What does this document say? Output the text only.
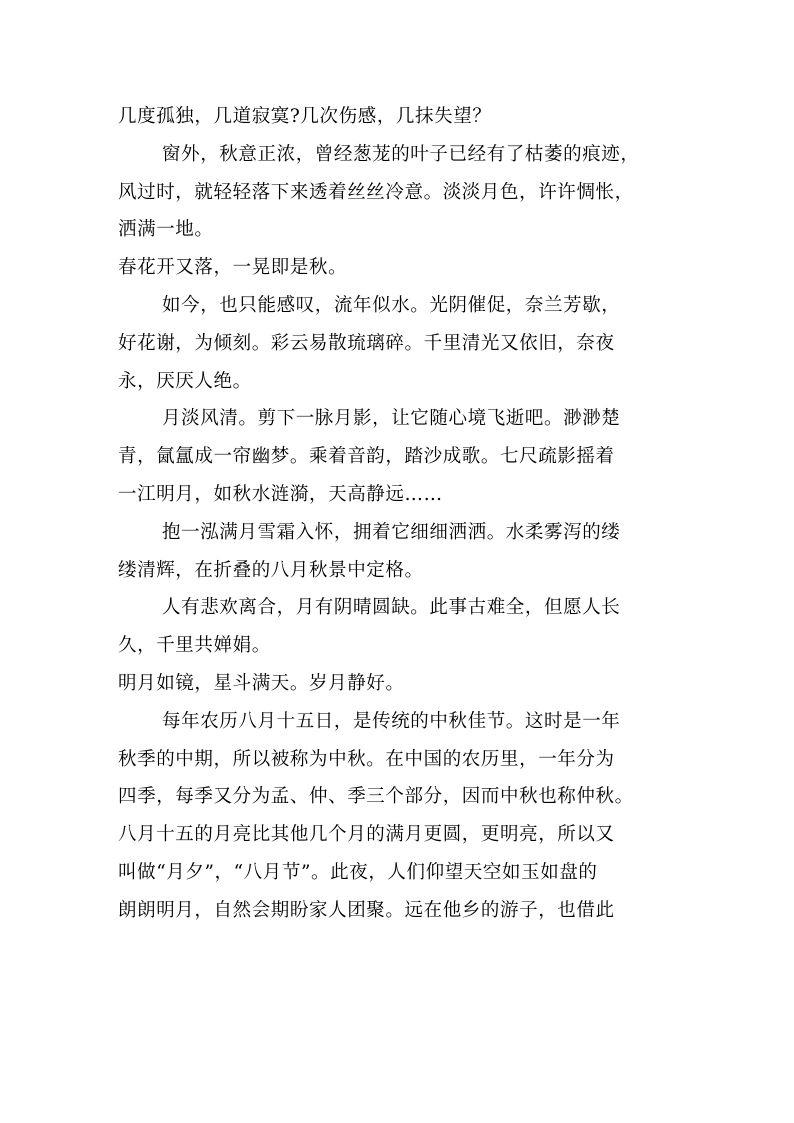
几度孤独，几道寂寞?几次伤感，几抹失望？
窗外，秋意正浓，曾经葱茏的叶子已经有了枯萎的痕迹，
风过时，就轻轻落下来透着丝丝冷意。淡淡月色，许许惆怅，
洒满一地。
春花开又落，一晃即是秋。
如今，也只能感叹，流年似水。光阴催促，奈兰芳歇，
好花谢，为倾刻。彩云易散琉璃碎。千里清光又依旧，奈夜
永，厌厌人绝。
月淡风清。剪下一脉月影，让它随心境飞逝吧。渺渺楚
青，氤氲成一帘幽梦。乘着音韵，踏沙成歌。七尺疏影摇着
一江明月，如秋水涟漪，天高静远……
抱一泓满月雪霜入怀，拥着它细细洒洒。水柔雾泻的缕
缕清辉，在折叠的八月秋景中定格。
人有悲欢离合，月有阴晴圆缺。此事古难全，但愿人长
久，千里共婵娟。
明月如镜，星斗满天。岁月静好。
每年农历八月十五日，是传统的中秋佳节。这时是一年
秋季的中期，所以被称为中秋。在中国的农历里，一年分为
四季，每季又分为孟、仲、季三个部分，因而中秋也称仲秋。
八月十五的月亮比其他几个月的满月更圆，更明亮，所以又
叫做“月夕”，“八月节”。此夜，人们仰望天空如玉如盘的
朗朗明月，自然会期盼家人团聚。远在他乡的游子，也借此
